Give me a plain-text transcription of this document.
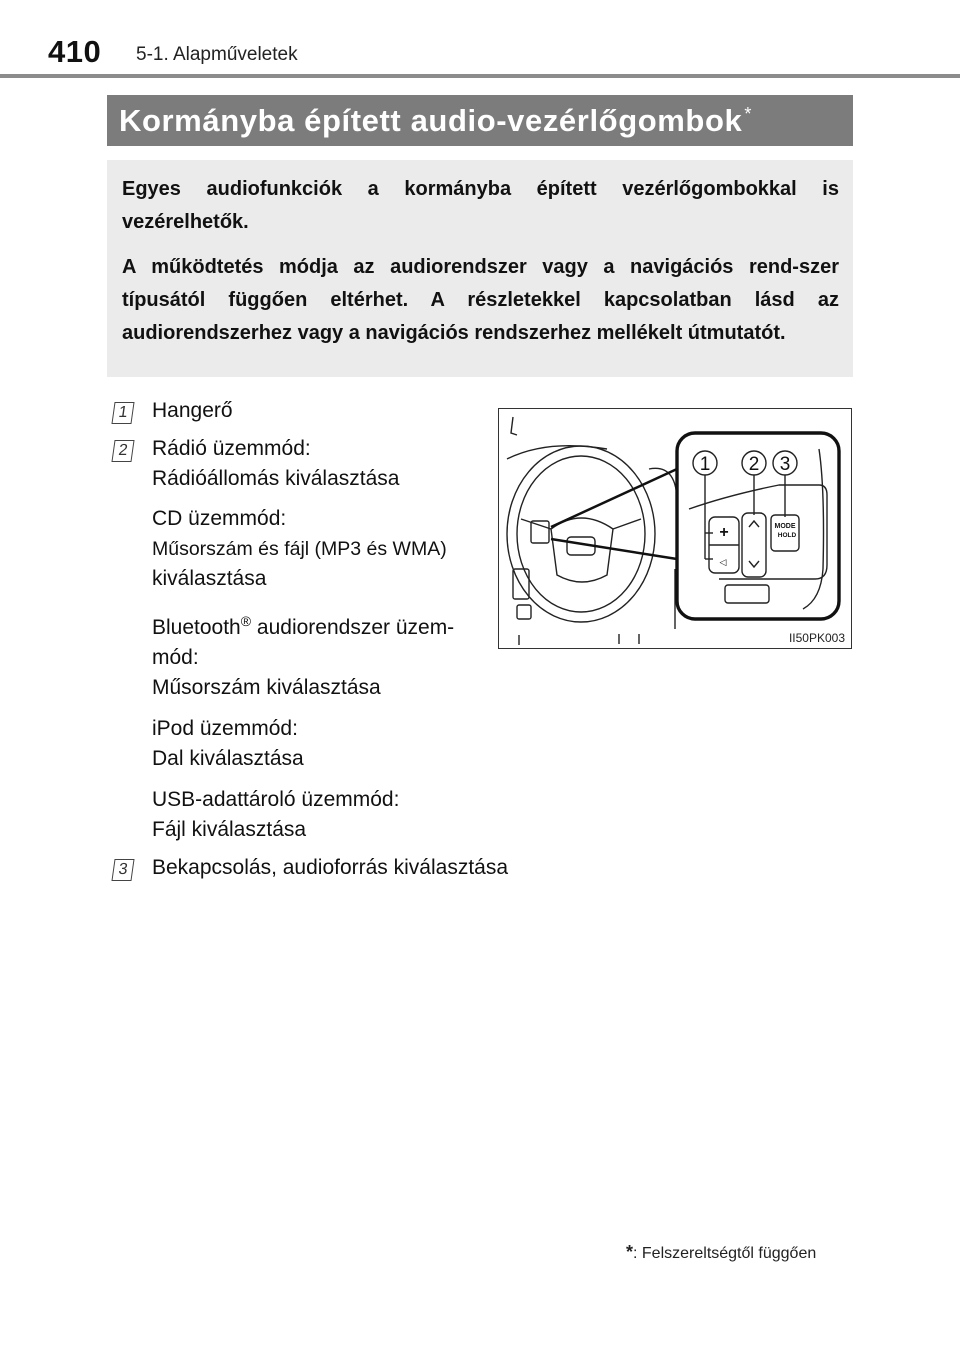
410 5-1. Alapműveletek
Kormányba épített audio-vezérlőgombok *

Egyes audiofunkciók a kormányba épített vezérlőgombokkal is vezérelhetők.

A működtetés módja az audiorendszer vagy a navigációs rend-szer típusától függően eltérhet. A részletekkel kapcsolatban lásd az audiorendszerhez vagy a navigációs rendszerhez mellékelt útmutatót.

1 Hangerő
2 Rádió üzemmód:
Rádióállomás kiválasztása
CD üzemmód:
Műsorszám és fájl (MP3 és WMA)
kiválasztása
Bluetooth® audiorendszer üzem-
mód:
Műsorszám kiválasztása
iPod üzemmód:
Dal kiválasztása
USB-adattároló üzemmód:
Fájl kiválasztása
3 Bekapcsolás, audioforrás kiválasztása
1 2 3
+	MODE
HOLD
◁
II50PK003
*: Felszereltségtől függően
